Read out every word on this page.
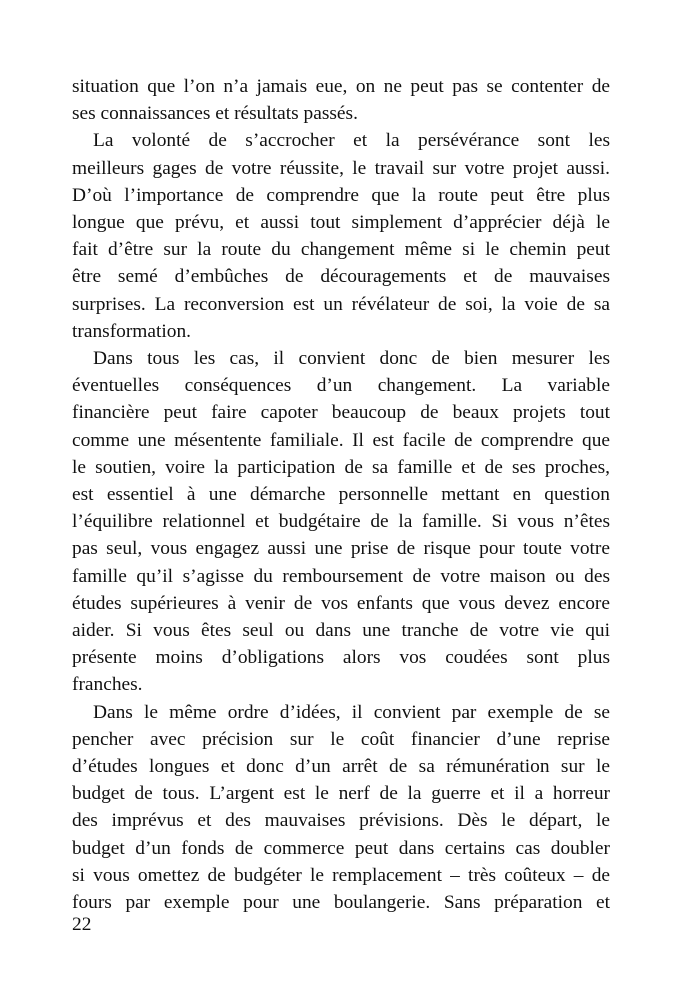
situation que l’on n’a jamais eue, on ne peut pas se contenter de
ses connaissances et résultats passés.
La volonté de s’accrocher et la persévérance sont les
meilleurs gages de votre réussite, le travail sur votre projet aussi.
D’où l’importance de comprendre que la route peut être plus
longue que prévu, et aussi tout simplement d’apprécier déjà le
fait d’être sur la route du changement même si le chemin peut
être semé d’embûches de découragements et de mauvaises
surprises. La reconversion est un révélateur de soi, la voie de sa
transformation.
Dans tous les cas, il convient donc de bien mesurer les
éventuelles conséquences d’un changement. La variable
financière peut faire capoter beaucoup de beaux projets tout
comme une mésentente familiale. Il est facile de comprendre que
le soutien, voire la participation de sa famille et de ses proches,
est essentiel à une démarche personnelle mettant en question
l’équilibre relationnel et budgétaire de la famille. Si vous n’êtes
pas seul, vous engagez aussi une prise de risque pour toute votre
famille qu’il s’agisse du remboursement de votre maison ou des
études supérieures à venir de vos enfants que vous devez encore
aider. Si vous êtes seul ou dans une tranche de votre vie qui
présente moins d’obligations alors vos coudées sont plus
franches.
Dans le même ordre d’idées, il convient par exemple de se
pencher avec précision sur le coût financier d’une reprise
d’études longues et donc d’un arrêt de sa rémunération sur le
budget de tous. L’argent est le nerf de la guerre et il a horreur
des imprévus et des mauvaises prévisions. Dès le départ, le
budget d’un fonds de commerce peut dans certains cas doubler
si vous omettez de budgéter le remplacement – très coûteux – de
fours par exemple pour une boulangerie. Sans préparation et
22
